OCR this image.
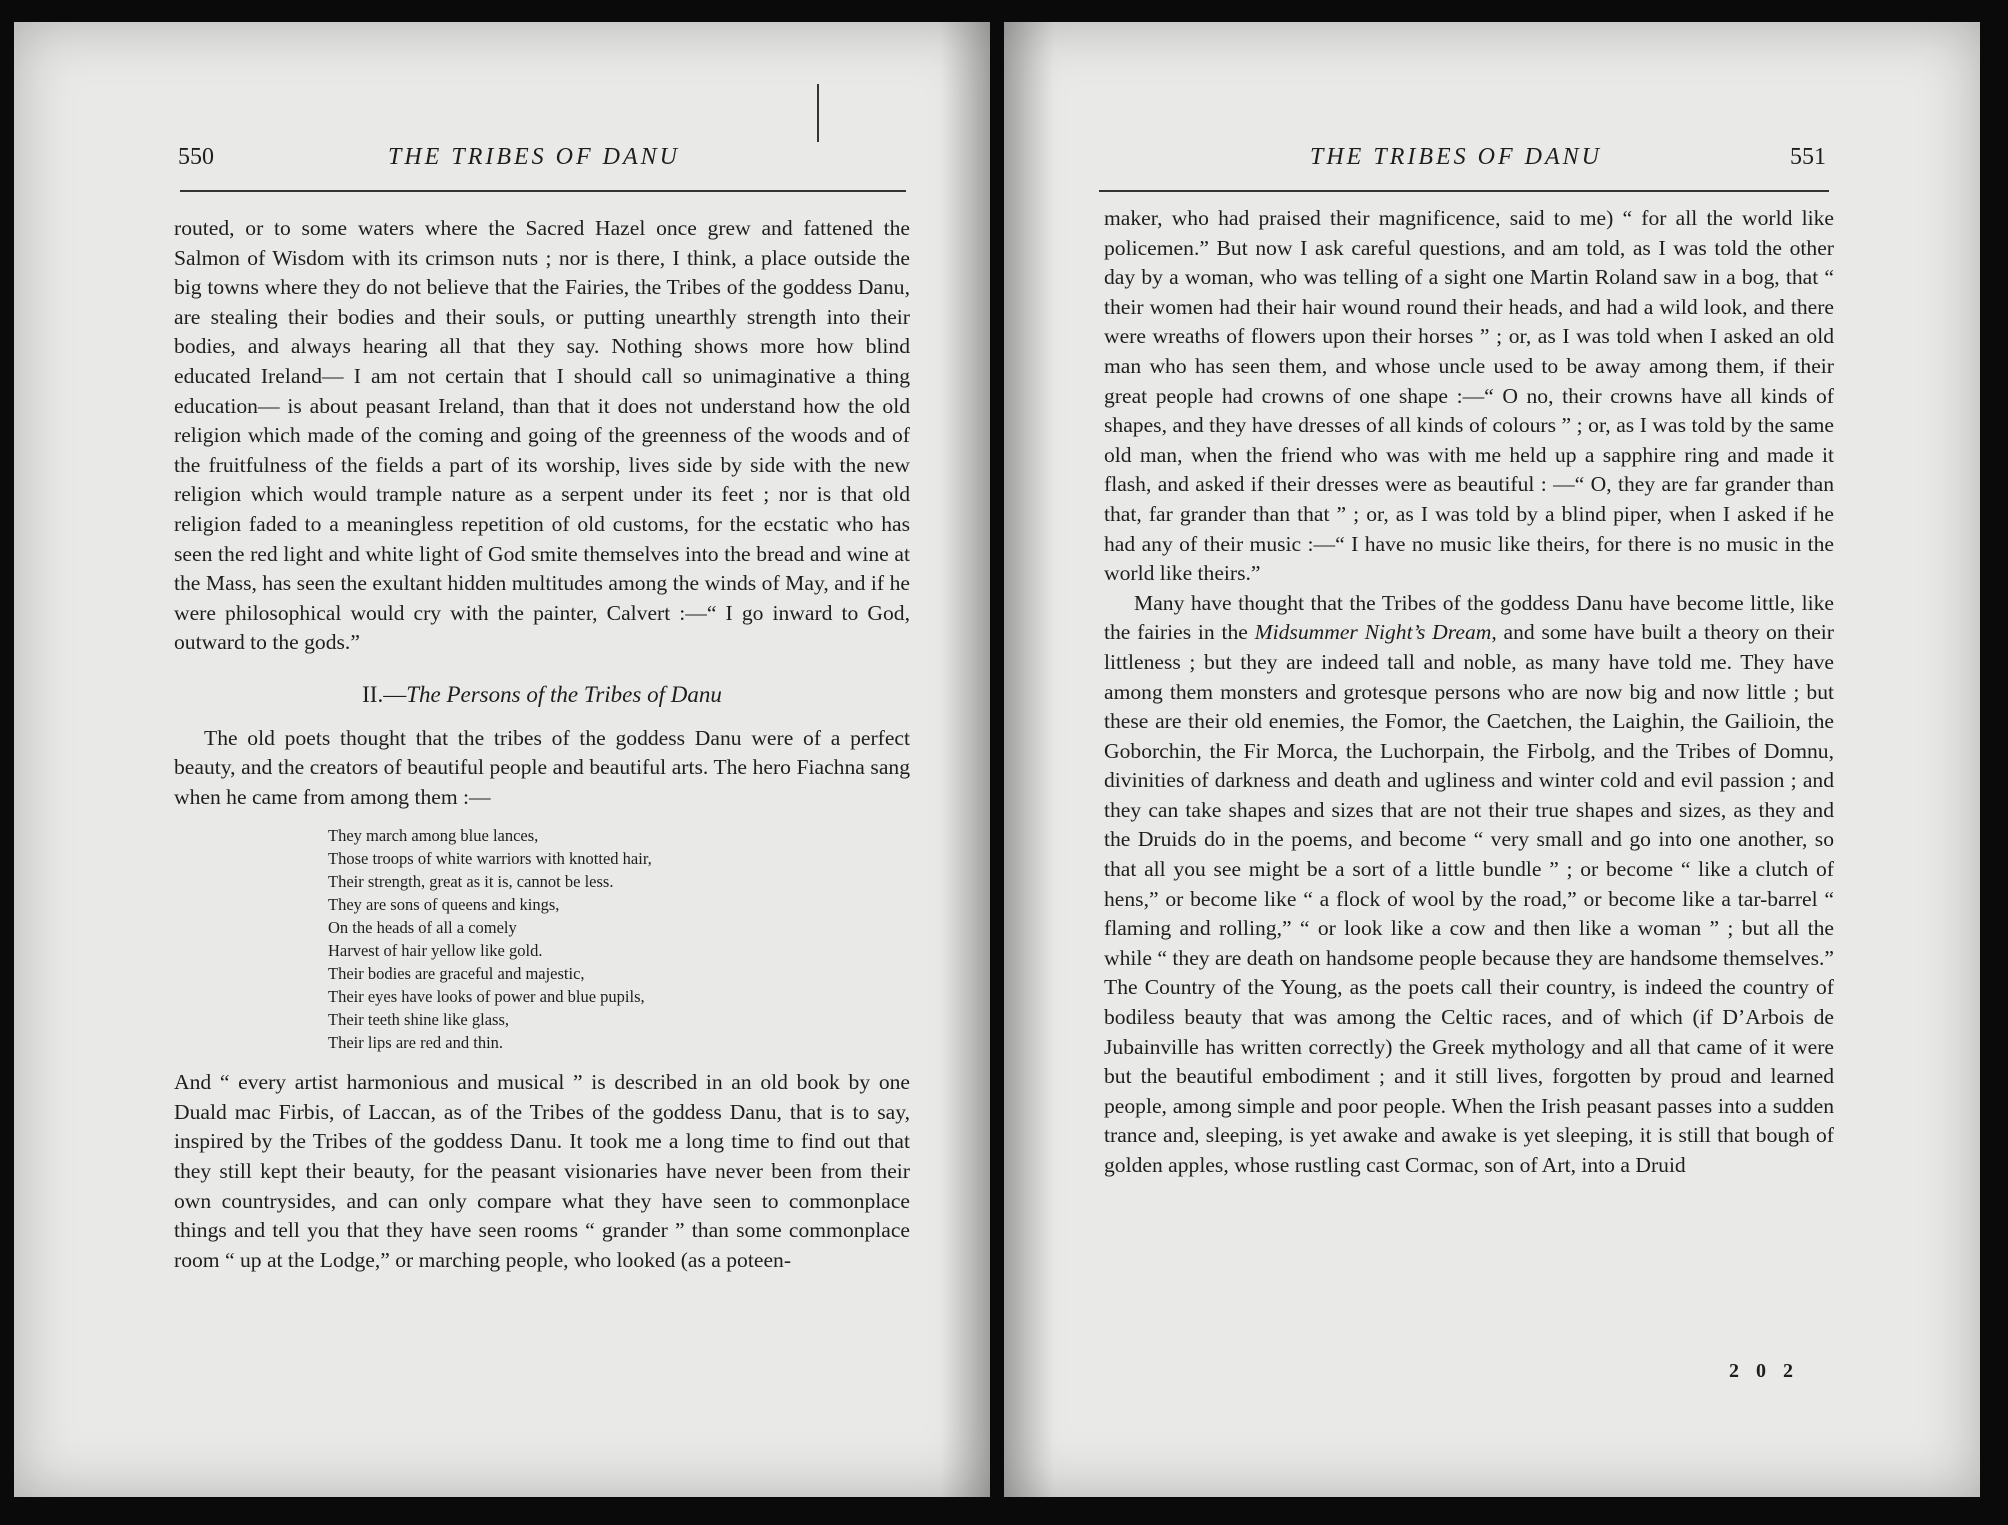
550	THE TRIBES OF DANU

routed, or to some waters where the Sacred Hazel once grew and fattened the Salmon of Wisdom with its crimson nuts ; nor is there, I think, a place outside the big towns where they do not believe that the Fairies, the Tribes of the goddess Danu, are stealing their bodies and their souls, or putting unearthly strength into their bodies, and always hearing all that they say. Nothing shows more how blind educated Ireland— I am not certain that I should call so unimaginative a thing education— is about peasant Ireland, than that it does not understand how the old religion which made of the coming and going of the greenness of the woods and of the fruitfulness of the fields a part of its worship, lives side by side with the new religion which would trample nature as a serpent under its feet ; nor is that old religion faded to a meaningless repetition of old customs, for the ecstatic who has seen the red light and white light of God smite themselves into the bread and wine at the Mass, has seen the exultant hidden multitudes among the winds of May, and if he were philosophical would cry with the painter, Calvert :—“ I go inward to God, outward to the gods.”

II.—The Persons of the Tribes of Danu

The old poets thought that the tribes of the goddess Danu were of a perfect beauty, and the creators of beautiful people and beautiful arts. The hero Fiachna sang when he came from among them :—

They march among blue lances,
Those troops of white warriors with knotted hair,
Their strength, great as it is, cannot be less.
They are sons of queens and kings,
On the heads of all a comely
Harvest of hair yellow like gold.
Their bodies are graceful and majestic,
Their eyes have looks of power and blue pupils,
Their teeth shine like glass,
Their lips are red and thin.

And “ every artist harmonious and musical ” is described in an old book by one Duald mac Firbis, of Laccan, as of the Tribes of the goddess Danu, that is to say, inspired by the Tribes of the goddess Danu. It took me a long time to find out that they still kept their beauty, for the peasant visionaries have never been from their own countrysides, and can only compare what they have seen to commonplace things and tell you that they have seen rooms “ grander ” than some commonplace room “ up at the Lodge,” or marching people, who looked (as a poteen-

THE TRIBES OF DANU	551

maker, who had praised their magnificence, said to me) “ for all the world like policemen.” But now I ask careful questions, and am told, as I was told the other day by a woman, who was telling of a sight one Martin Roland saw in a bog, that “ their women had their hair wound round their heads, and had a wild look, and there were wreaths of flowers upon their horses ” ; or, as I was told when I asked an old man who has seen them, and whose uncle used to be away among them, if their great people had crowns of one shape :—“ O no, their crowns have all kinds of shapes, and they have dresses of all kinds of colours ” ; or, as I was told by the same old man, when the friend who was with me held up a sapphire ring and made it flash, and asked if their dresses were as beautiful : —“ O, they are far grander than that, far grander than that ” ; or, as I was told by a blind piper, when I asked if he had any of their music :—“ I have no music like theirs, for there is no music in the world like theirs.”

Many have thought that the Tribes of the goddess Danu have become little, like the fairies in the Midsummer Night’s Dream, and some have built a theory on their littleness ; but they are indeed tall and noble, as many have told me. They have among them monsters and grotesque persons who are now big and now little ; but these are their old enemies, the Fomor, the Caetchen, the Laighin, the Gailioin, the Goborchin, the Fir Morca, the Luchorpain, the Firbolg, and the Tribes of Domnu, divinities of darkness and death and ugliness and winter cold and evil passion ; and they can take shapes and sizes that are not their true shapes and sizes, as they and the Druids do in the poems, and become “ very small and go into one another, so that all you see might be a sort of a little bundle ” ; or become “ like a clutch of hens,” or become like “ a flock of wool by the road,” or become like a tar-barrel “ flaming and rolling,” “ or look like a cow and then like a woman ” ; but all the while “ they are death on handsome people because they are handsome themselves.” The Country of the Young, as the poets call their country, is indeed the country of bodiless beauty that was among the Celtic races, and of which (if D’Arbois de Jubainville has written correctly) the Greek mythology and all that came of it were but the beautiful embodiment ; and it still lives, forgotten by proud and learned people, among simple and poor people. When the Irish peasant passes into a sudden trance and, sleeping, is yet awake and awake is yet sleeping, it is still that bough of golden apples, whose rustling cast Cormac, son of Art, into a Druid

2 0 2
